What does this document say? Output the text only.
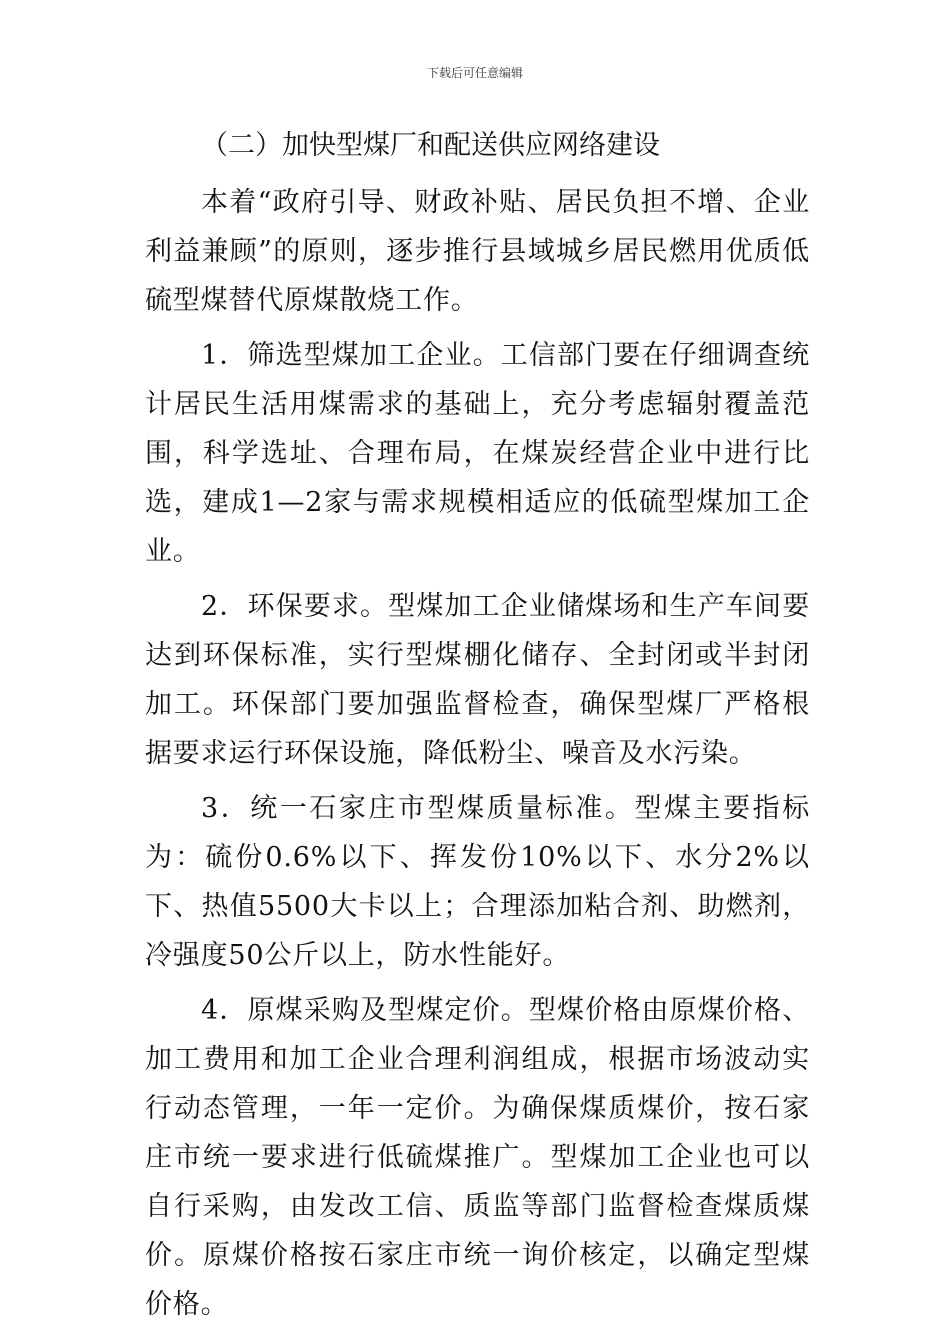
下载后可任意编辑

（二）加快型煤厂和配送供应网络建设

本着“政府引导、财政补贴、居民负担不增、企业利益兼顾”的原则，逐步推行县域城乡居民燃用优质低硫型煤替代原煤散烧工作。

1．筛选型煤加工企业。工信部门要在仔细调查统计居民生活用煤需求的基础上，充分考虑辐射覆盖范围，科学选址、合理布局，在煤炭经营企业中进行比选，建成1—2家与需求规模相适应的低硫型煤加工企业。

2．环保要求。型煤加工企业储煤场和生产车间要达到环保标准，实行型煤棚化储存、全封闭或半封闭加工。环保部门要加强监督检查，确保型煤厂严格根据要求运行环保设施，降低粉尘、噪音及水污染。

3．统一石家庄市型煤质量标准。型煤主要指标为：硫份0.6%以下、挥发份10%以下、水分2%以下、热值5500大卡以上；合理添加粘合剂、助燃剂，冷强度50公斤以上，防水性能好。

4．原煤采购及型煤定价。型煤价格由原煤价格、加工费用和加工企业合理利润组成，根据市场波动实行动态管理，一年一定价。为确保煤质煤价，按石家庄市统一要求进行低硫煤推广。型煤加工企业也可以自行采购，由发改工信、质监等部门监督检查煤质煤价。原煤价格按石家庄市统一询价核定，以确定型煤价格。
